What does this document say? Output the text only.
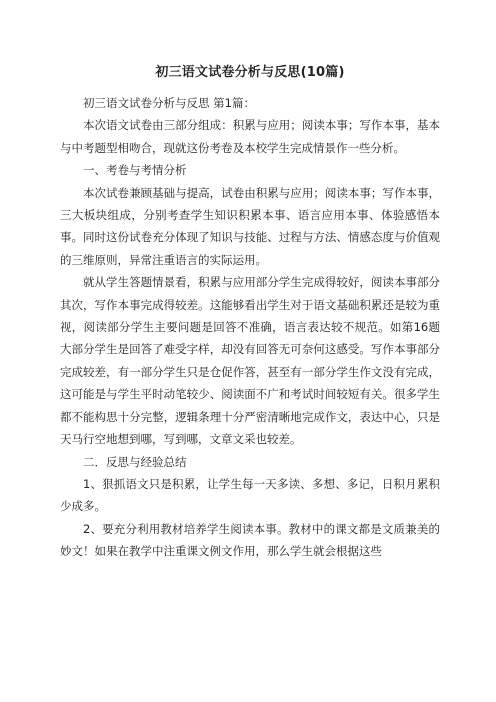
初三语文试卷分析与反思(10篇)

初三语文试卷分析与反思 第1篇：

本次语文试卷由三部分组成：积累与应用；阅读本事；写作本事，基本与中考题型相吻合，现就这份考卷及本校学生完成情景作一些分析。

一、考卷与考情分析

本次试卷兼顾基础与提高，试卷由积累与应用；阅读本事；写作本事，三大板块组成，分别考查学生知识积累本事、语言应用本事、体验感悟本事。同时这份试卷充分体现了知识与技能、过程与方法、情感态度与价值观的三维原则，异常注重语言的实际运用。

就从学生答题情景看，积累与应用部分学生完成得较好，阅读本事部分其次，写作本事完成得较差。这能够看出学生对于语文基础积累还是较为重视，阅读部分学生主要问题是回答不准确，语言表达较不规范。如第16题大部分学生是回答了难受字样，却没有回答无可奈何这感受。写作本事部分完成较差，有一部分学生只是仓促作答，甚至有一部分学生作文没有完成，这可能是与学生平时动笔较少、阅读面不广和考试时间较短有关。很多学生都不能构思十分完整，逻辑条理十分严密清晰地完成作文，表达中心，只是天马行空地想到哪，写到哪，文章文采也较差。

二．反思与经验总结

1、狠抓语文只是积累，让学生每一天多读、多想、多记，日积月累积少成多。

2、要充分利用教材培养学生阅读本事。教材中的课文都是文质兼美的妙文！如果在教学中注重课文例文作用，那么学生就会根据这些
